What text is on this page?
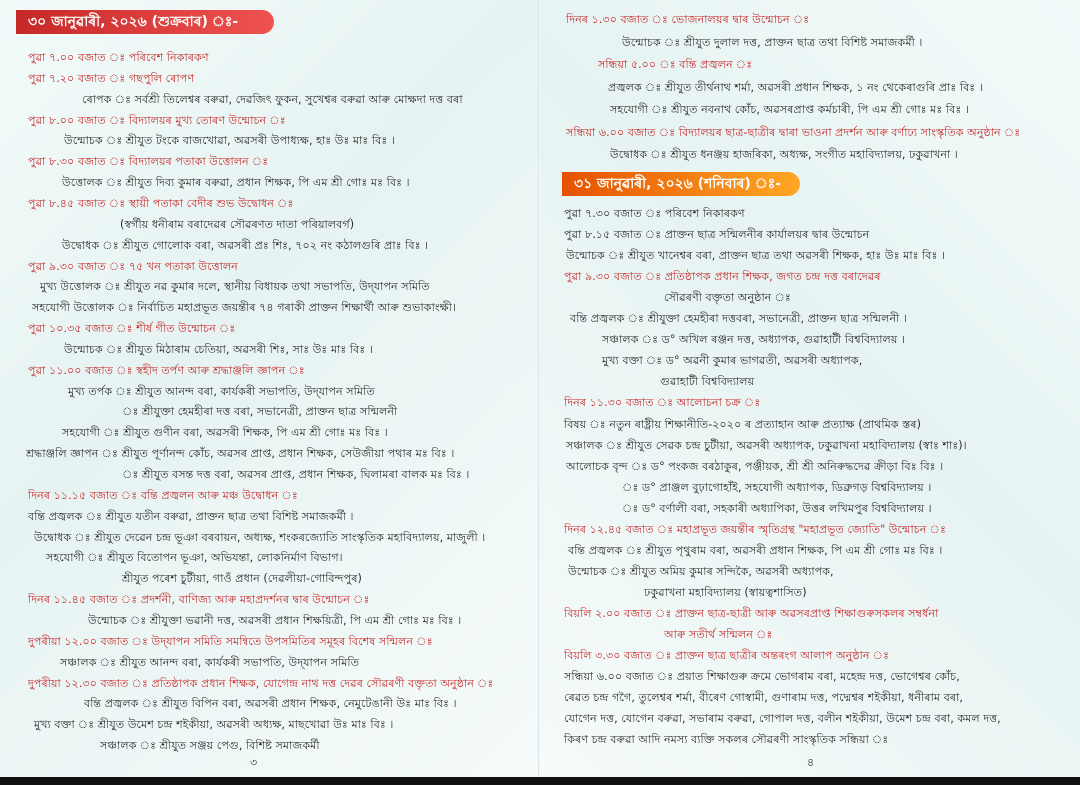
৩০ জানুৱাৰী, ২০২৬ (শুক্ৰবাৰ) ঃ-
পুৱা ৭.০০ বজাত ঃ পৰিবেশ নিকাৰকণ
পুৱা ৭.২০ বজাত ঃ গছপুলি ৰোপণ
ৰোপক ঃ সৰ্বশ্ৰী তিলেশ্বৰ বৰুৱা, দেৱজিৎ ফুকন, সুখেশ্বৰ বৰুৱা আৰু মোক্ষদা দত্ত বৰা
পুৱা ৮.০০ বজাত ঃ বিদ্যালয়ৰ মুখ্য তোৰণ উন্মোচন ঃ
উন্মোচক ঃ শ্ৰীযুত টংকে বাজখোৱা, অৱসৰী উপাধ্যক্ষ, হাঃ উঃ মাঃ বিঃ ।
পুৱা ৮.৩০ বজাত ঃ বিদ্যালয়ৰ পতাকা উত্তোলন ঃ
উত্তোলক ঃ শ্ৰীযুত দিব্য কুমাৰ বৰুৱা, প্ৰধান শিক্ষক, পি এম শ্ৰী গোঃ মঃ বিঃ ।
পুৱা ৮.৪৫ বজাত ঃ স্থায়ী পতাকা বেদীৰ শুভ উদ্বোধন ঃ
(স্বৰ্গীয় ধনীৰাম বৰাদেৱৰ সৌৱৰণত দাতা পৰিয়ালবৰ্গ)
উদ্বোধক ঃ শ্ৰীযুত গোলোক বৰা, অৱসৰী প্ৰঃ শিঃ, ৭০২ নং কঠালগুৰি প্ৰাঃ বিঃ ।
পুৱা ৯.৩০ বজাত ঃ ৭৫ খন পতাকা উত্তোলন
মুখ্য উত্তোলক ঃ শ্ৰীযুত নৱ কুমাৰ দলে, স্থানীয় বিধায়ক তথা সভাপতি, উদ্‌যাপন সমিতি
সহযোগী উত্তোলক ঃ নিৰ্বাচিত মহাপ্ৰভূত জয়ন্তীৰ ৭৪ গৰাকী প্ৰাক্তন শিক্ষাৰ্থী আৰু শুভাকাংক্ষী।
পুৱা ১০.৩৫ বজাত ঃ শীৰ্ষ গীত উন্মোচন ঃ
উন্মোচক ঃ শ্ৰীযুত মিঠাৰাম চেতিয়া, অৱসৰী শিঃ, সাঃ উঃ মাঃ বিঃ ।
পুৱা ১১.০০ বজাত ঃ স্বহীদ তৰ্পণ আৰু শ্ৰদ্ধাঞ্জলি জ্ঞাপন ঃ
মুখ্য তৰ্পক ঃ শ্ৰীযুত আনন্দ বৰা, কাৰ্যকৰী সভাপতি, উদ্‌যাপন সমিতি
ঃ শ্ৰীযুক্তা হেমহীৰা দত্ত বৰা, সভানেত্ৰী, প্ৰাক্তন ছাত্ৰ সন্মিলনী
সহযোগী ঃ শ্ৰীযুত গুণীন বৰা, অৱসৰী শিক্ষক, পি এম শ্ৰী গোঃ মঃ বিঃ ।
শ্ৰদ্ধাঞ্জলি জ্ঞাপন ঃ শ্ৰীযুত পূৰ্ণানন্দ কোঁচ, অৱসৰ প্ৰাপ্ত, প্ৰধান শিক্ষক, সেউজীয়া পথাৰ মঃ বিঃ ।
ঃ শ্ৰীযুত বসন্ত দত্ত বৰা, অৱসৰ প্ৰাপ্ত, প্ৰধান শিক্ষক, ঘিলামৰা বালক মঃ বিঃ ।
দিনৰ ১১.১৫ বজাত ঃ বন্তি প্ৰজ্বলন আৰু মঞ্চ উদ্বোধন ঃ
বন্তি প্ৰজ্বলক ঃ শ্ৰীযুত যতীন বৰুৱা, প্ৰাক্তন ছাত্ৰ তথা বিশিষ্ট সমাজকৰ্মী ।
উদ্বোধক ঃ শ্ৰীযুত দেৱেন চন্দ্ৰ ভূঞা বৰবায়ন, অধ্যক্ষ, শংকৰজ্যোতি সাংস্কৃতিক মহাবিদ্যালয়, মাজুলী ।
সহযোগী ঃ শ্ৰীযুত বিতোপন ভূঞা, অভিযন্তা, লোকনিৰ্মাণ বিভাগ।
শ্ৰীযুত পৰেশ চুটীয়া, গাওঁ প্ৰধান (দেৱলীয়া-গোবিন্দপুৰ)
দিনৰ ১১.৪৫ বজাত ঃ প্ৰদৰ্শনী, বাণিজ্য আৰু মহাপ্ৰদৰ্শনৰ দ্বাৰ উন্মোচন ঃ
উন্মোচক ঃ শ্ৰীযুক্তা ভৱানী দত্ত, অৱসৰী প্ৰধান শিক্ষয়িত্ৰী, পি এম শ্ৰী গোঃ মঃ বিঃ ।
দুপৰীয়া ১২.০০ বজাত ঃ উদ্‌যাপন সমিতি সমন্বিতে উপসমিতিৰ সমূহৰ বিশেষ সন্মিলন ঃ
সঞ্চালক ঃ শ্ৰীযুত আনন্দ বৰা, কাৰ্যকৰী সভাপতি, উদ্‌যাপন সমিতি
দুপৰীয়া ১২.৩০ বজাত ঃ প্ৰতিষ্ঠাপক প্ৰধান শিক্ষক, যোগেন্দ্ৰ নাথ দত্ত দেৱৰ সৌৱৰণী বক্তৃতা অনুষ্ঠান ঃ
বন্তি প্ৰজ্বলক ঃ শ্ৰীযুত বিপিন বৰা, অৱসৰী প্ৰধান শিক্ষক, নেমুটেঙানী উঃ মাঃ বিঃ ।
মুখ্য বক্তা ঃ শ্ৰীযুত উমেশ চন্দ্ৰ শইকীয়া, অৱসৰী অধ্যক্ষ, মাছখোৱা উঃ মাঃ বিঃ ।
সঞ্চালক ঃ শ্ৰীযুত সঞ্জয় পেগু, বিশিষ্ট সমাজকৰ্মী
৩
দিনৰ ১.৩০ বজাত ঃ ভোজনালয়ৰ দ্বাৰ উন্মোচন ঃ
উন্মোচক ঃ শ্ৰীযুত দুলাল দত্ত, প্ৰাক্তন ছাত্ৰ তথা বিশিষ্ট সমাজকৰ্মী ।
সন্ধিয়া ৫.০০ ঃ বন্তি প্ৰজ্বলন ঃ
প্ৰজ্বলক ঃ শ্ৰীযুত তীৰ্থনাথ শৰ্মা, অৱসৰী প্ৰধান শিক্ষক, ১ নং থেকেৰাগুৰি প্ৰাঃ বিঃ ।
সহযোগী ঃ শ্ৰীযুত নবনাথ কোঁচ, অৱসৰপ্ৰাপ্ত কৰ্মচাৰী, পি এম শ্ৰী গোঃ মঃ বিঃ ।
সন্ধিয়া ৬.০০ বজাত ঃ বিদ্যালয়ৰ ছাত্ৰ-ছাত্ৰীৰ দ্বাৰা ভাওনা প্ৰদৰ্শন আৰু বৰ্ণাঢ্য সাংস্কৃতিক অনুষ্ঠান ঃ
উদ্বোধক ঃ শ্ৰীযুত ধনঞ্জয় হাজৰিকা, অধ্যক্ষ, সংগীত মহাবিদ্যালয়, ঢকুৱাখনা ।
৩১ জানুৱাৰী, ২০২৬ (শনিবাৰ) ঃ-
পুৱা ৭.৩০ বজাত ঃ পৰিবেশ নিকাৰকণ
পুৱা ৮.১৫ বজাত ঃ প্ৰাক্তন ছাত্ৰ সন্মিলনীৰ কাৰ্যালয়ৰ দ্বাৰ উন্মোচন
উন্মোচক ঃ শ্ৰীযুত খানেশ্বৰ বৰা, প্ৰাক্তন ছাত্ৰ তথা অৱসৰী শিক্ষক, হাঃ উঃ মাঃ বিঃ ।
পুৱা ৯.৩০ বজাত ঃ প্ৰতিষ্ঠাপক প্ৰধান শিক্ষক, জগত চন্দ্ৰ দত্ত বৰাদেৱৰ
সৌৱৰণী বক্তৃতা অনুষ্ঠান ঃ
বন্তি প্ৰজ্বলক ঃ শ্ৰীযুক্তা হেমহীৰা দত্তবৰা, সভানেত্ৰী, প্ৰাক্তন ছাত্ৰ সন্মিলনী ।
সঞ্চালক ঃ ড° অখিল ৰঞ্জন দত্ত, অধ্যাপক, গুৱাহাটী বিশ্ববিদ্যালয় ।
মুখ্য বক্তা ঃ ড° অৱনী কুমাৰ ভাগৱতী, অৱসৰী অধ্যাপক,
গুৱাহাটী বিশ্ববিদ্যালয়
দিনৰ ১১.৩০ বজাত ঃ আলোচনা চক্ৰ ঃ
বিষয় ঃ নতুন ৰাষ্ট্ৰীয় শিক্ষানীতি-২০২০ ৰ প্ৰত্যাহান আৰু প্ৰত্যাক্ষ (প্ৰাথমিক স্তৰ)
সঞ্চালক ঃ শ্ৰীযুত সেৱক চন্দ্ৰ চুটীয়া, অৱসৰী অধ্যাপক, ঢকুৱাখনা মহাবিদ্যালয় (স্বাঃ শাঃ)।
আলোচক বৃন্দ ঃ ড° পংকজ বৰঠাকুৰ, পঞ্জীয়ক, শ্ৰী শ্ৰী অনিৰুদ্ধদেৱ ক্ৰীড়া বিঃ বিঃ ।
ঃ ড° প্ৰাঞ্জল বুঢ়াগোহাঁই, সহযোগী অধ্যাপক, ডিব্ৰুগড় বিশ্ববিদ্যালয় ।
ঃ ড° বৰ্ণালী বৰা, সহকাৰী অধ্যাপিকা, উত্তৰ লখিমপুৰ বিশ্ববিদ্যালয় ।
দিনৰ ১২.৪৫ বজাত ঃ মহাপ্ৰভূত জয়ন্তীৰ স্মৃতিগ্ৰন্থ "মহাপ্ৰভূত জ্যোতি" উন্মোচন ঃ
বন্তি প্ৰজ্বলক ঃ শ্ৰীযুত পৃথুৰাম বৰা, অৱসৰী প্ৰধান শিক্ষক, পি এম শ্ৰী গোঃ মঃ বিঃ ।
উন্মোচক ঃ শ্ৰীযুত অমিয় কুমাৰ সন্দিকৈ, অৱসৰী অধ্যাপক,
ঢকুৱাখনা মহাবিদ্যালয় (স্বায়ত্বশাসিত)
বিয়লি ২.০০ বজাত ঃ প্ৰাক্তন ছাত্ৰ-ছাত্ৰী আৰু অৱসৰপ্ৰাপ্ত শিক্ষাগুৰুসকলৰ সম্বৰ্ধনা
আৰু সতীৰ্থ সন্মিলন ঃ
বিয়লি ৩.৩০ বজাত ঃ প্ৰাক্তন ছাত্ৰ ছাত্ৰীৰ অন্তৰংগ আলাপ অনুষ্ঠান ঃ
সন্ধিয়া ৬.০০ বজাত ঃ প্ৰয়াত শিক্ষাগুৰু ক্ৰমে ভোগৰাম বৰা, মহেন্দ্ৰ দত্ত, ভোগেশ্বৰ কোঁচ,
ৰেৱত চন্দ্ৰ গগৈ, তুলেশ্বৰ শৰ্মা, বীৰেণ গোস্বামী, গুণাৰাম দত্ত, পদ্মেশ্বৰ শইকীয়া, ধনীৰাম বৰা,
যোগেন দত্ত, যোগেন বৰুৱা, সভাৰাম বৰুৱা, গোপাল দত্ত, বলীন শইকীয়া, উমেশ চন্দ্ৰ বৰা, কমল দত্ত,
কিৰণ চন্দ্ৰ বৰুৱা আদি নমস্য ব্যক্তি সকলৰ সৌৱৰণী সাংস্কৃতিক সন্ধিয়া ঃ
৪
